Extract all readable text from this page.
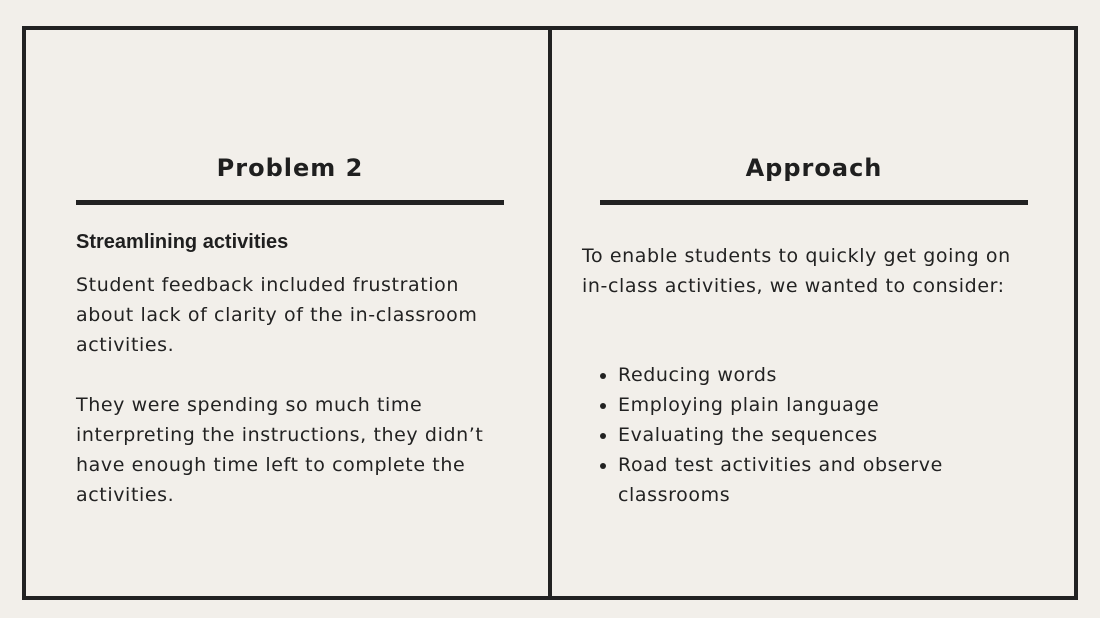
Problem 2
Streamlining activities

Student feedback included frustration about lack of clarity of the in-classroom activities.

They were spending so much time interpreting the instructions, they didn’t have enough time left to complete the activities.

Approach

To enable students to quickly get going on in-class activities, we wanted to consider:

Reducing words
Employing plain language
Evaluating the sequences
Road test activities and observe classrooms
